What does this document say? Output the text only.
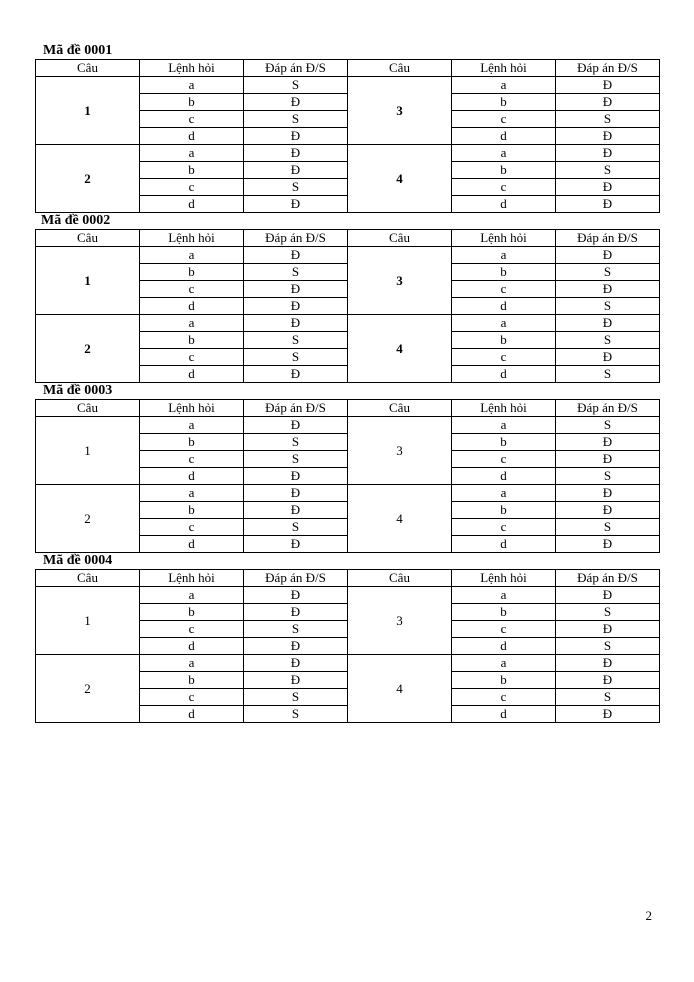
Mã đề 0001
Câu	Lệnh hỏi	Đáp án Đ/S	Câu	Lệnh hỏi	Đáp án Đ/S
1	a	S	3	a	Đ
	b	Đ		b	Đ
	c	S		c	S
	d	Đ		d	Đ
2	a	Đ	4	a	Đ
	b	Đ		b	S
	c	S		c	Đ
	d	Đ		d	Đ
Mã đề 0002
Câu	Lệnh hỏi	Đáp án Đ/S	Câu	Lệnh hỏi	Đáp án Đ/S
1	a	Đ	3	a	Đ
	b	S		b	S
	c	Đ		c	Đ
	d	Đ		d	S
2	a	Đ	4	a	Đ
	b	S		b	S
	c	S		c	Đ
	d	Đ		d	S
Mã đề 0003
Câu	Lệnh hỏi	Đáp án Đ/S	Câu	Lệnh hỏi	Đáp án Đ/S
1	a	Đ	3	a	S
	b	S		b	Đ
	c	S		c	Đ
	d	Đ		d	S
2	a	Đ	4	a	Đ
	b	Đ		b	Đ
	c	S		c	S
	d	Đ		d	Đ
Mã đề 0004
Câu	Lệnh hỏi	Đáp án Đ/S	Câu	Lệnh hỏi	Đáp án Đ/S
1	a	Đ	3	a	Đ
	b	Đ		b	S
	c	S		c	Đ
	d	Đ		d	S
2	a	Đ	4	a	Đ
	b	Đ		b	Đ
	c	S		c	S
	d	S		d	Đ
2
